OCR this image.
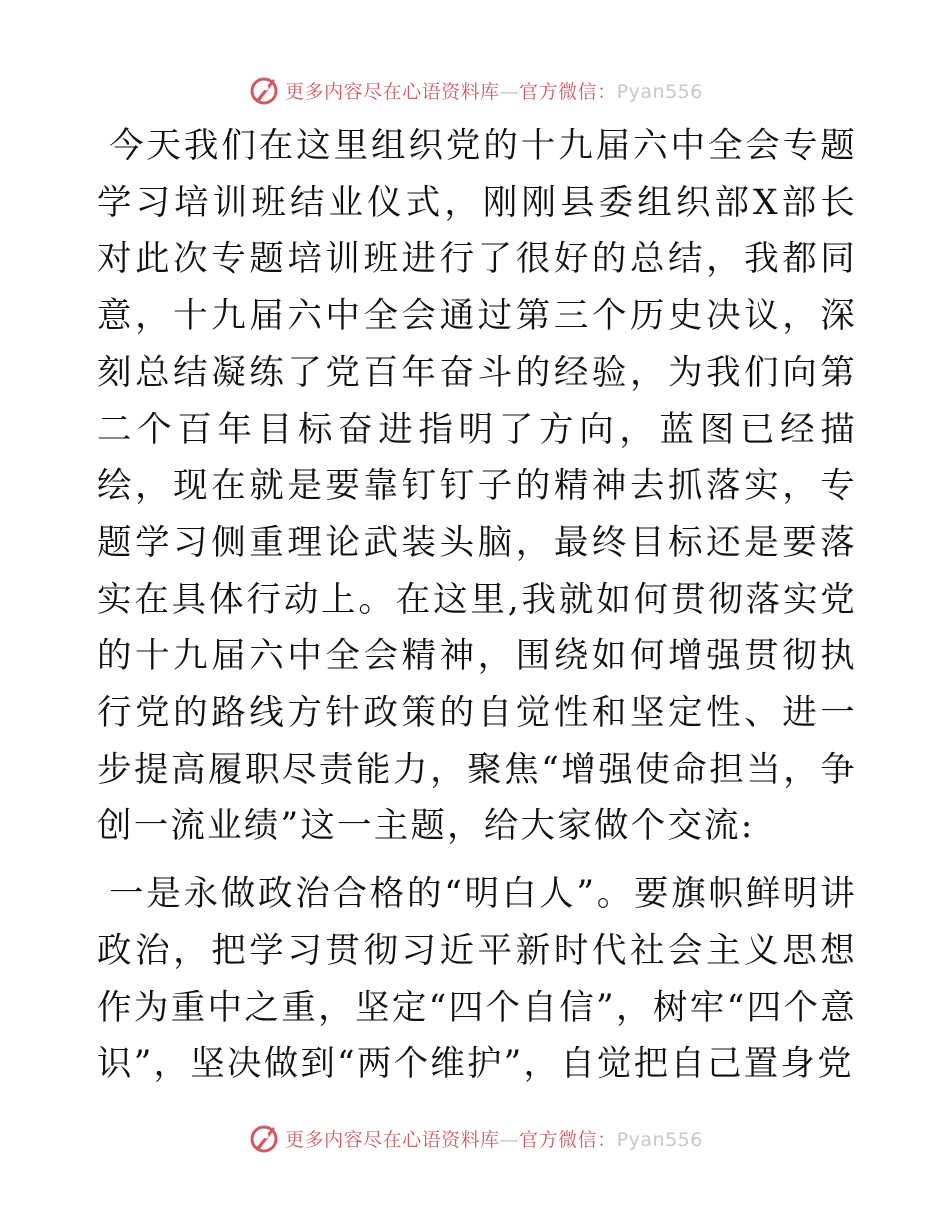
更多内容尽在心语资料库—官方微信：Pyan556

今天我们在这里组织党的十九届六中全会专题学习培训班结业仪式，刚刚县委组织部X部长对此次专题培训班进行了很好的总结，我都同意，十九届六中全会通过第三个历史决议，深刻总结凝练了党百年奋斗的经验，为我们向第二个百年目标奋进指明了方向，蓝图已经描绘，现在就是要靠钉钉子的精神去抓落实，专题学习侧重理论武装头脑，最终目标还是要落实在具体行动上。在这里,我就如何贯彻落实党的十九届六中全会精神，围绕如何增强贯彻执行党的路线方针政策的自觉性和坚定性、进一步提高履职尽责能力，聚焦“增强使命担当，争创一流业绩”这一主题，给大家做个交流:

一是永做政治合格的“明白人”。要旗帜鲜明讲政治，把学习贯彻习近平新时代社会主义思想作为重中之重，坚定“四个自信”，树牢“四个意识”，坚决做到“两个维护”，自觉把自己置身党

更多内容尽在心语资料库—官方微信：Pyan556
